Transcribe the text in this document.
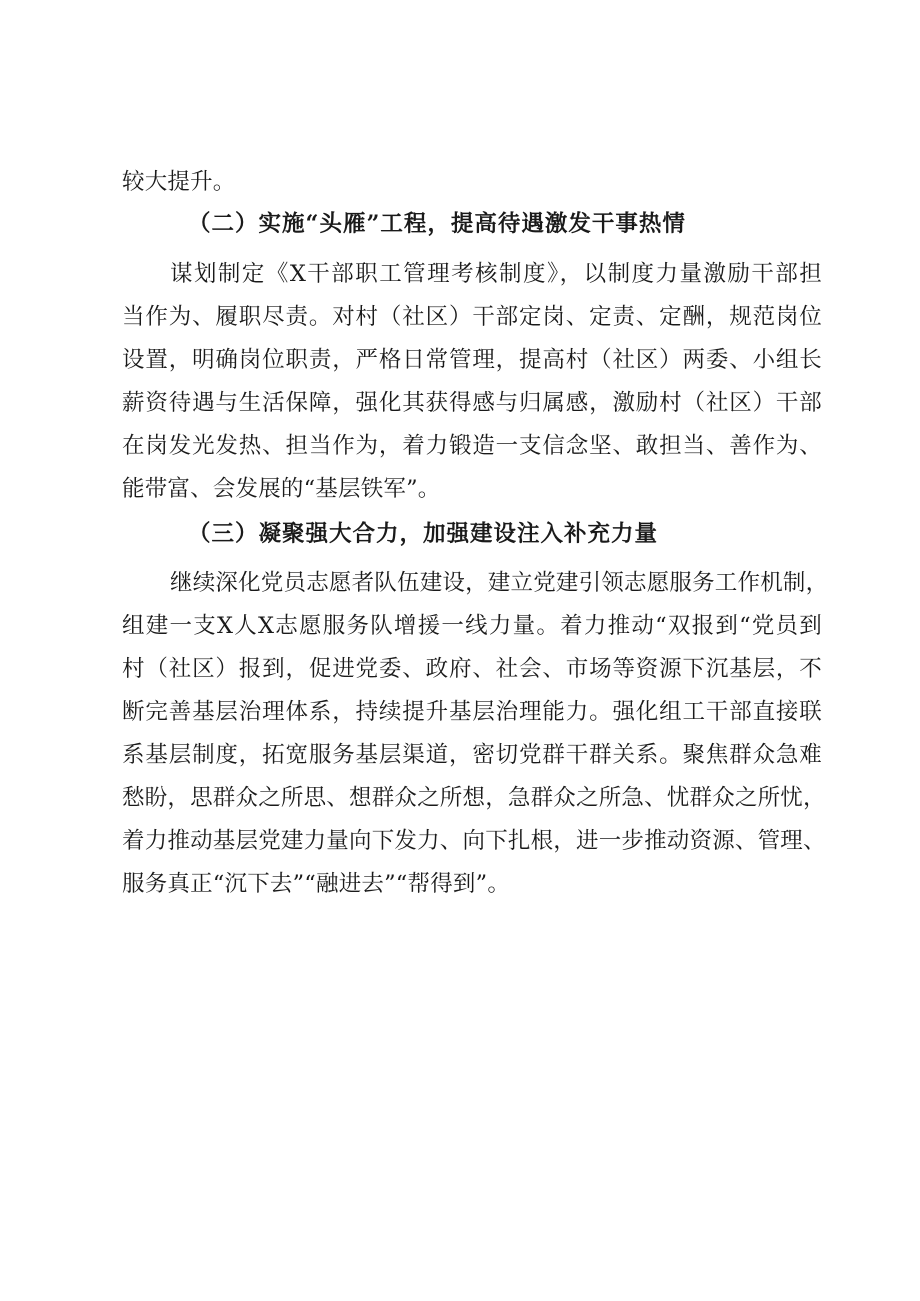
较大提升。
（二）实施“头雁”工程，提高待遇激发干事热情
谋划制定《X干部职工管理考核制度》，以制度力量激励干部担
当作为、履职尽责。对村（社区）干部定岗、定责、定酬，规范岗位
设置，明确岗位职责，严格日常管理，提高村（社区）两委、小组长
薪资待遇与生活保障，强化其获得感与归属感，激励村（社区）干部
在岗发光发热、担当作为，着力锻造一支信念坚、敢担当、善作为、
能带富、会发展的“基层铁军”。
（三）凝聚强大合力，加强建设注入补充力量
继续深化党员志愿者队伍建设，建立党建引领志愿服务工作机制，
组建一支X人X志愿服务队增援一线力量。着力推动“双报到“党员到
村（社区）报到，促进党委、政府、社会、市场等资源下沉基层，不
断完善基层治理体系，持续提升基层治理能力。强化组工干部直接联
系基层制度，拓宽服务基层渠道，密切党群干群关系。聚焦群众急难
愁盼，思群众之所思、想群众之所想，急群众之所急、忧群众之所忧，
着力推动基层党建力量向下发力、向下扎根，进一步推动资源、管理、
服务真正“沉下去”“融进去”“帮得到”。
